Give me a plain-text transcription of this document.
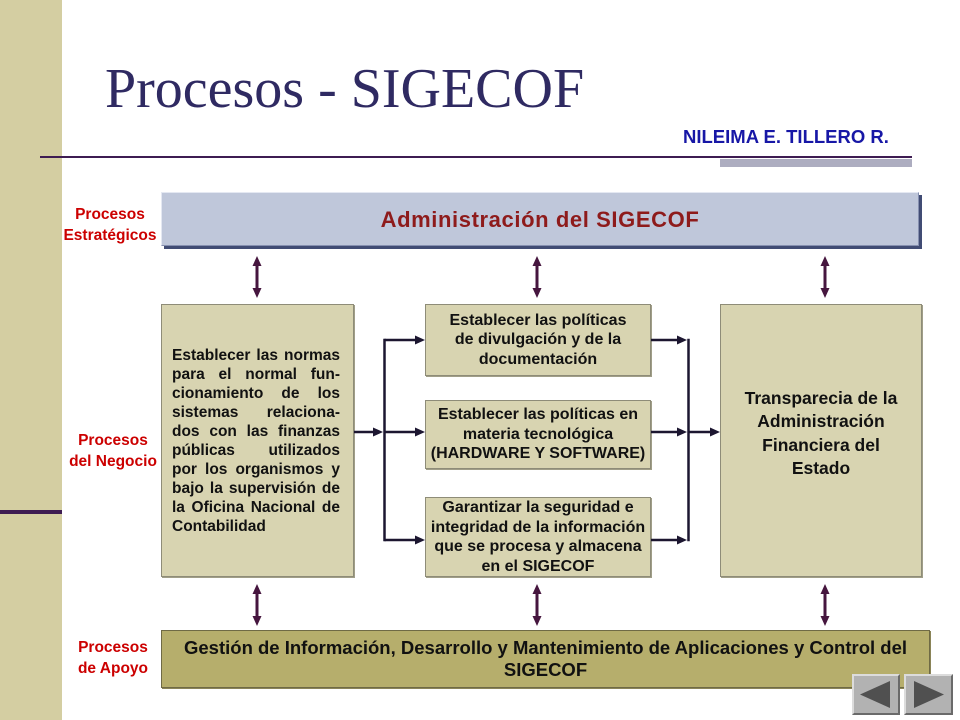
Procesos - SIGECOF
NILEIMA E. TILLERO R.
Procesos
Estratégicos
Procesos
del Negocio
Procesos
de Apoyo
Administración del SIGECOF
Establecer las normas
para el normal fun-
cionamiento de los
sistemas relaciona-
dos con las finanzas
públicas utilizados
por los organismos y
bajo la supervisión de
la Oficina Nacional de
Contabilidad
Establecer las políticas
de divulgación y de la
documentación
Establecer las políticas en
materia tecnológica
(HARDWARE Y SOFTWARE)
Garantizar la seguridad e
integridad de la información
que se procesa y almacena
en el SIGECOF
Transparecia de la
Administración
Financiera del
Estado
Gestión de Información, Desarrollo y Mantenimiento de Aplicaciones y Control del
SIGECOF
